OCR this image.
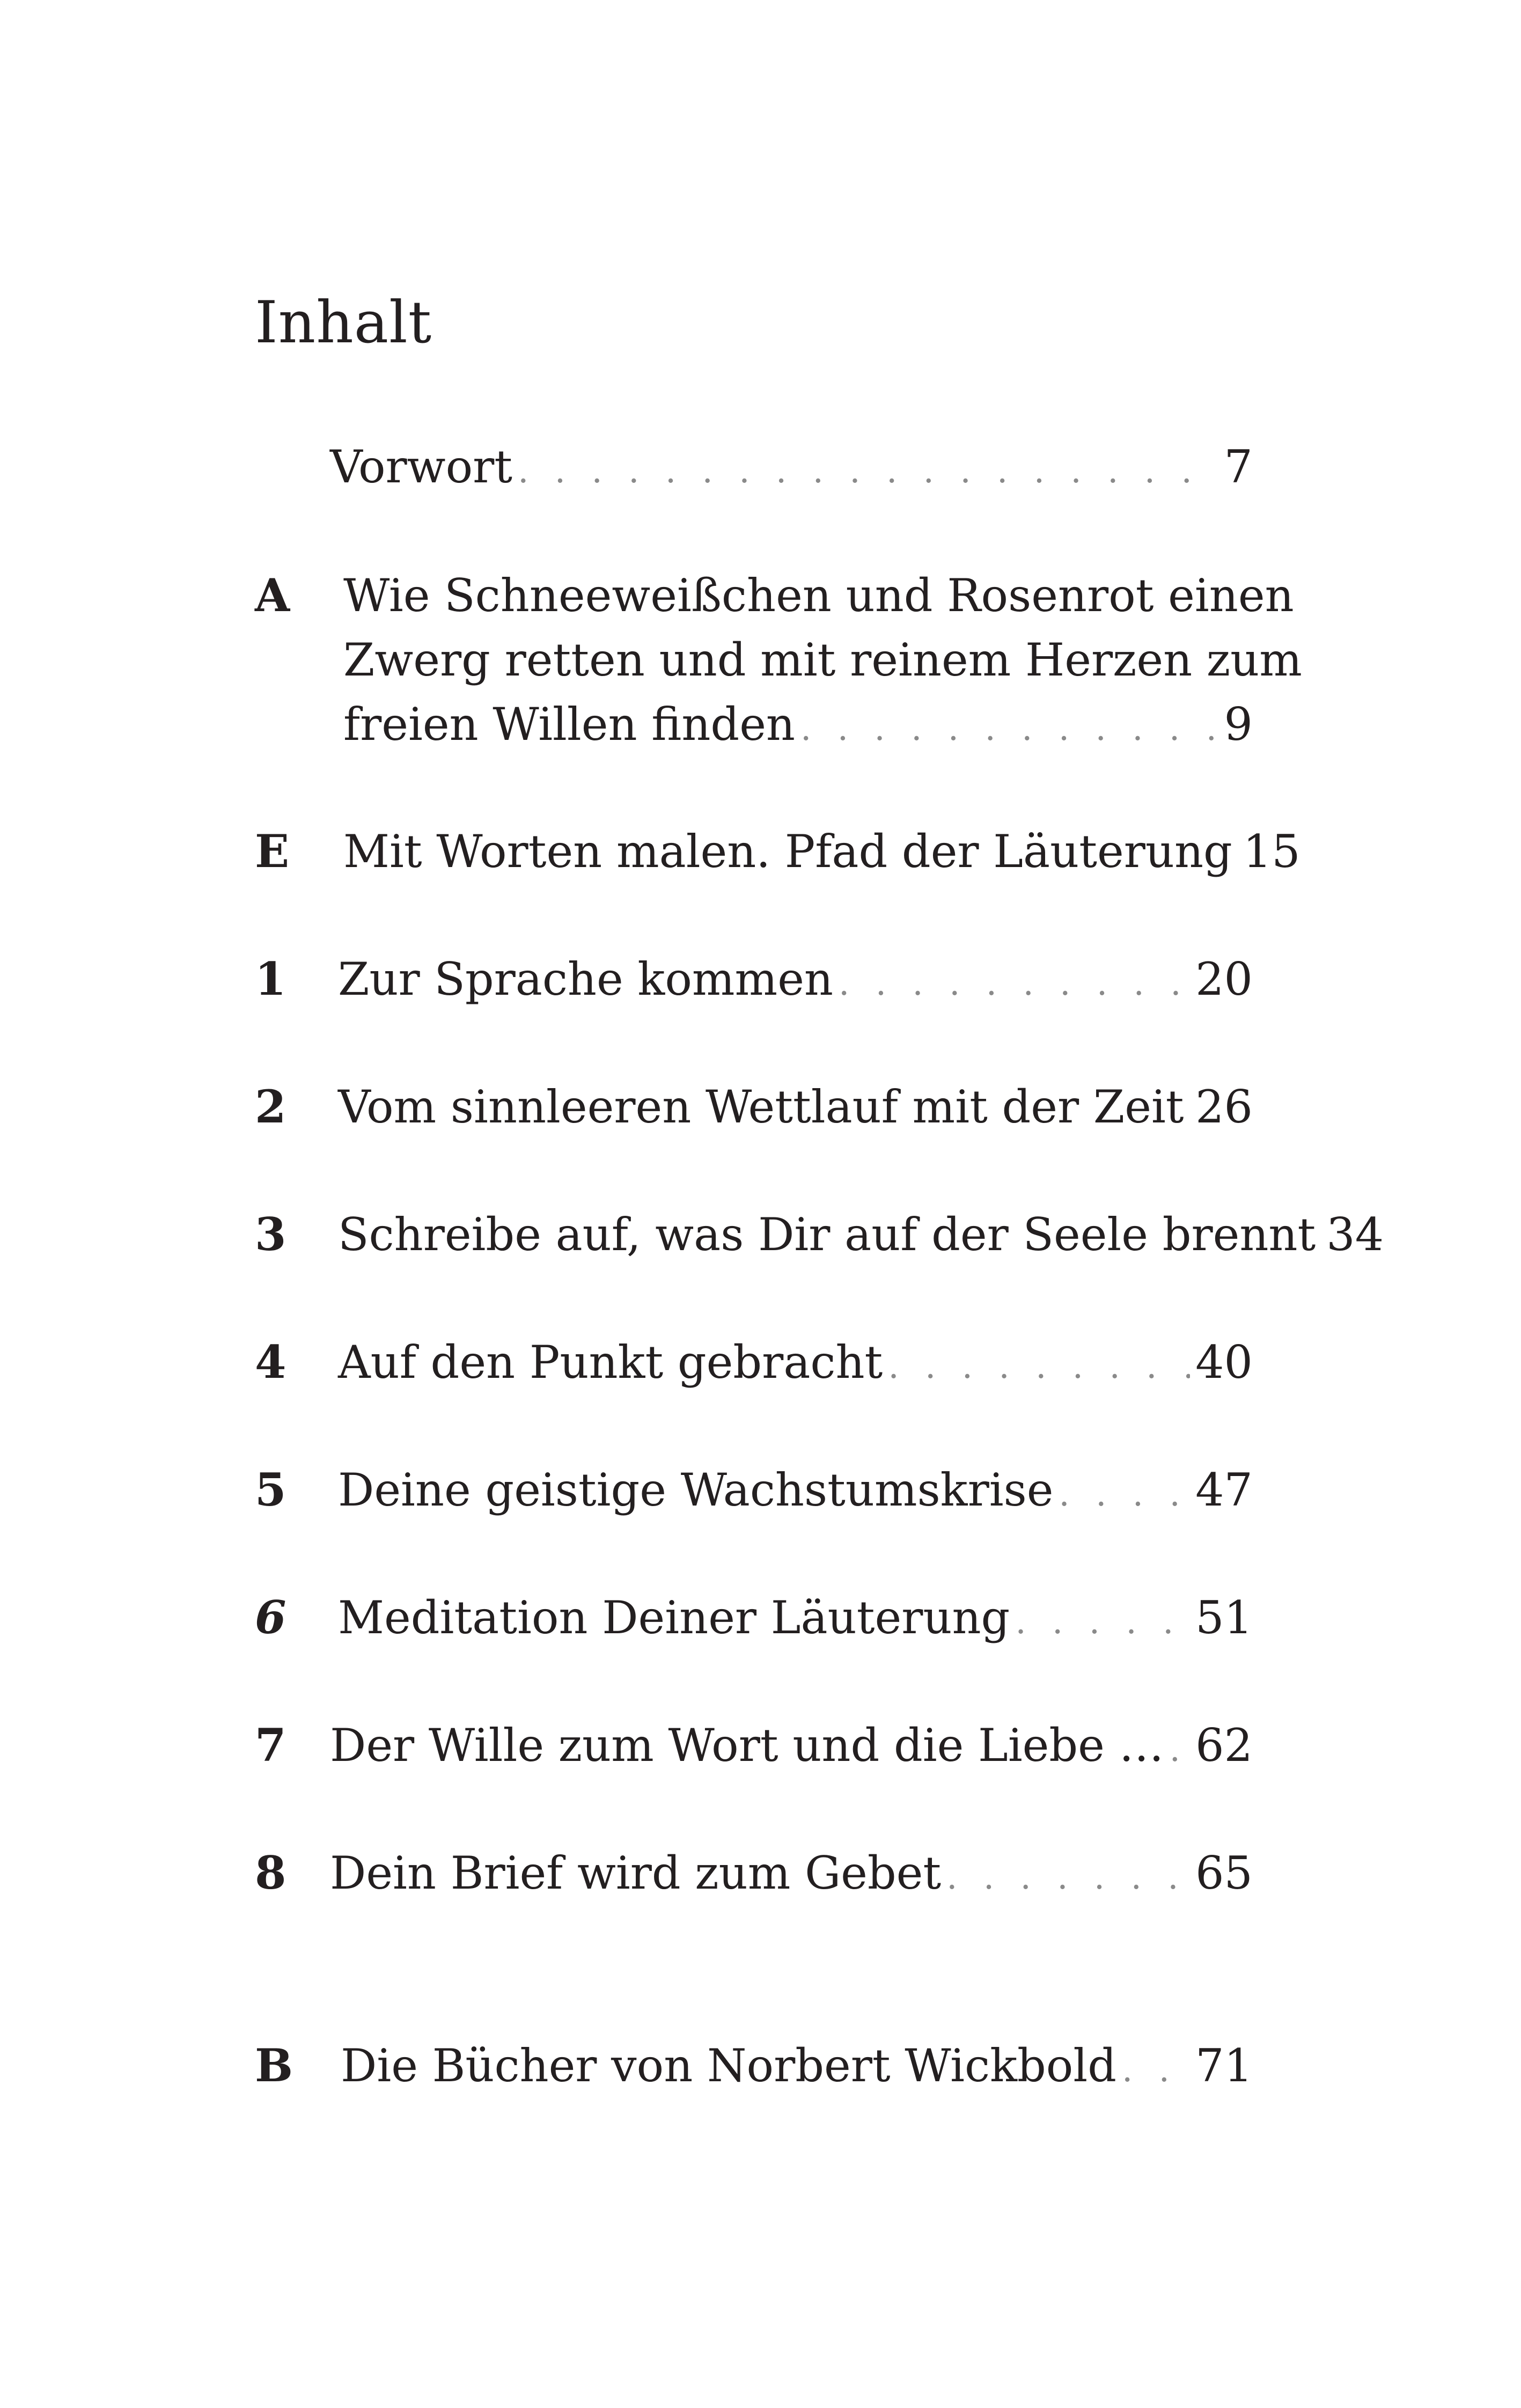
Inhalt
Vorwort . . .	7
A Wie Schneeweißchen und Rosenrot einen
Zwerg retten und mit reinem Herzen zum
freien Willen finden . . .	9
E Mit Worten malen. Pfad der Läuterung 15
1 Zur Sprache kommen . . .	20
2 Vom sinnleeren Wettlauf mit der Zeit . . . 26
3 Schreibe auf, was Dir auf der Seele brennt 34
4 Auf den Punkt gebracht . . .	40
5 Deine geistige Wachstumskrise . . .	47
6 Meditation Deiner Läuterung . . .	51
7 Der Wille zum Wort und die Liebe … . . . 62
8 Dein Brief wird zum Gebet . . .	65
B Die Bücher von Norbert Wickbold . . . 71
